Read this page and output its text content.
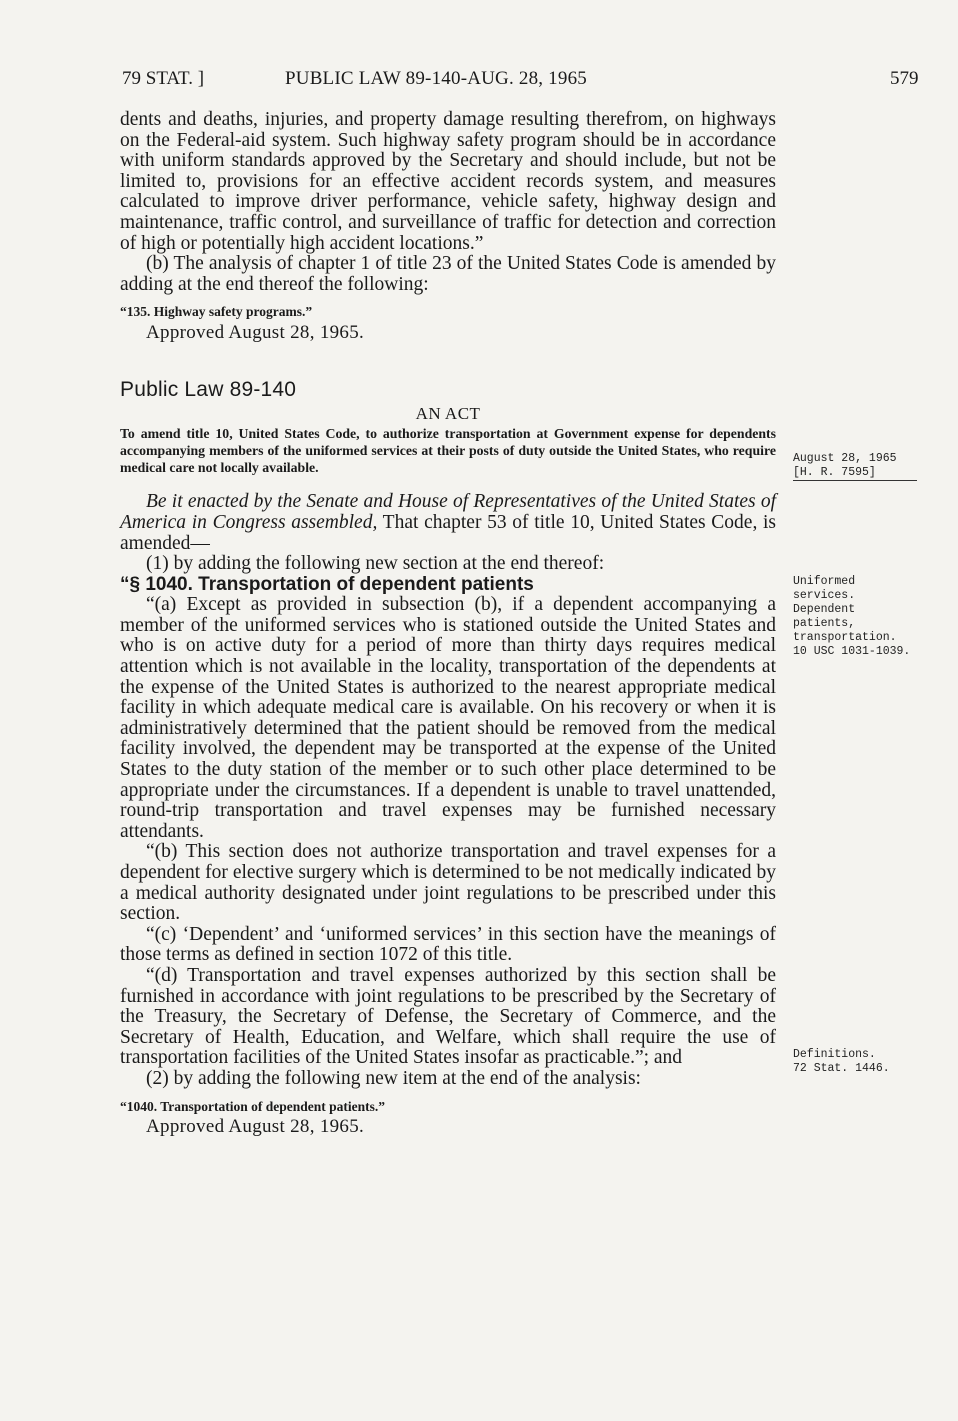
79 STAT. ]	PUBLIC LAW 89-140-AUG. 28, 1965	579

dents and deaths, injuries, and property damage resulting therefrom, on highways on the Federal-aid system. Such highway safety program should be in accordance with uniform standards approved by the Secretary and should include, but not be limited to, provisions for an effective accident records system, and measures calculated to improve driver performance, vehicle safety, highway design and maintenance, traffic control, and surveillance of traffic for detection and correction of high or potentially high accident locations.”

(b) The analysis of chapter 1 of title 23 of the United States Code is amended by adding at the end thereof the following:

“135. Highway safety programs.”

Approved August 28, 1965.

Public Law 89-140

AN ACT

To amend title 10, United States Code, to authorize transportation at Government expense for dependents accompanying members of the uniformed services at their posts of duty outside the United States, who require medical care not locally available.

Be it enacted by the Senate and House of Representatives of the United States of America in Congress assembled, That chapter 53 of title 10, United States Code, is amended—

(1) by adding the following new section at the end thereof:

“§ 1040. Transportation of dependent patients

“(a) Except as provided in subsection (b), if a dependent accompanying a member of the uniformed services who is stationed outside the United States and who is on active duty for a period of more than thirty days requires medical attention which is not available in the locality, transportation of the dependents at the expense of the United States is authorized to the nearest appropriate medical facility in which adequate medical care is available. On his recovery or when it is administratively determined that the patient should be removed from the medical facility involved, the dependent may be transported at the expense of the United States to the duty station of the member or to such other place determined to be appropriate under the circumstances. If a dependent is unable to travel unattended, round-trip transportation and travel expenses may be furnished necessary attendants.

“(b) This section does not authorize transportation and travel expenses for a dependent for elective surgery which is determined to be not medically indicated by a medical authority designated under joint regulations to be prescribed under this section.

“(c) ‘Dependent’ and ‘uniformed services’ in this section have the meanings of those terms as defined in section 1072 of this title.

“(d) Transportation and travel expenses authorized by this section shall be furnished in accordance with joint regulations to be prescribed by the Secretary of the Treasury, the Secretary of Defense, the Secretary of Commerce, and the Secretary of Health, Education, and Welfare, which shall require the use of transportation facilities of the United States insofar as practicable.”; and

(2) by adding the following new item at the end of the analysis:

“1040. Transportation of dependent patients.”

Approved August 28, 1965.

August 28, 1965
[H. R. 7595]
Uniformed services.
Dependent patients, transportation.
10 USC 1031-1039.
Definitions.
72 Stat. 1446.
